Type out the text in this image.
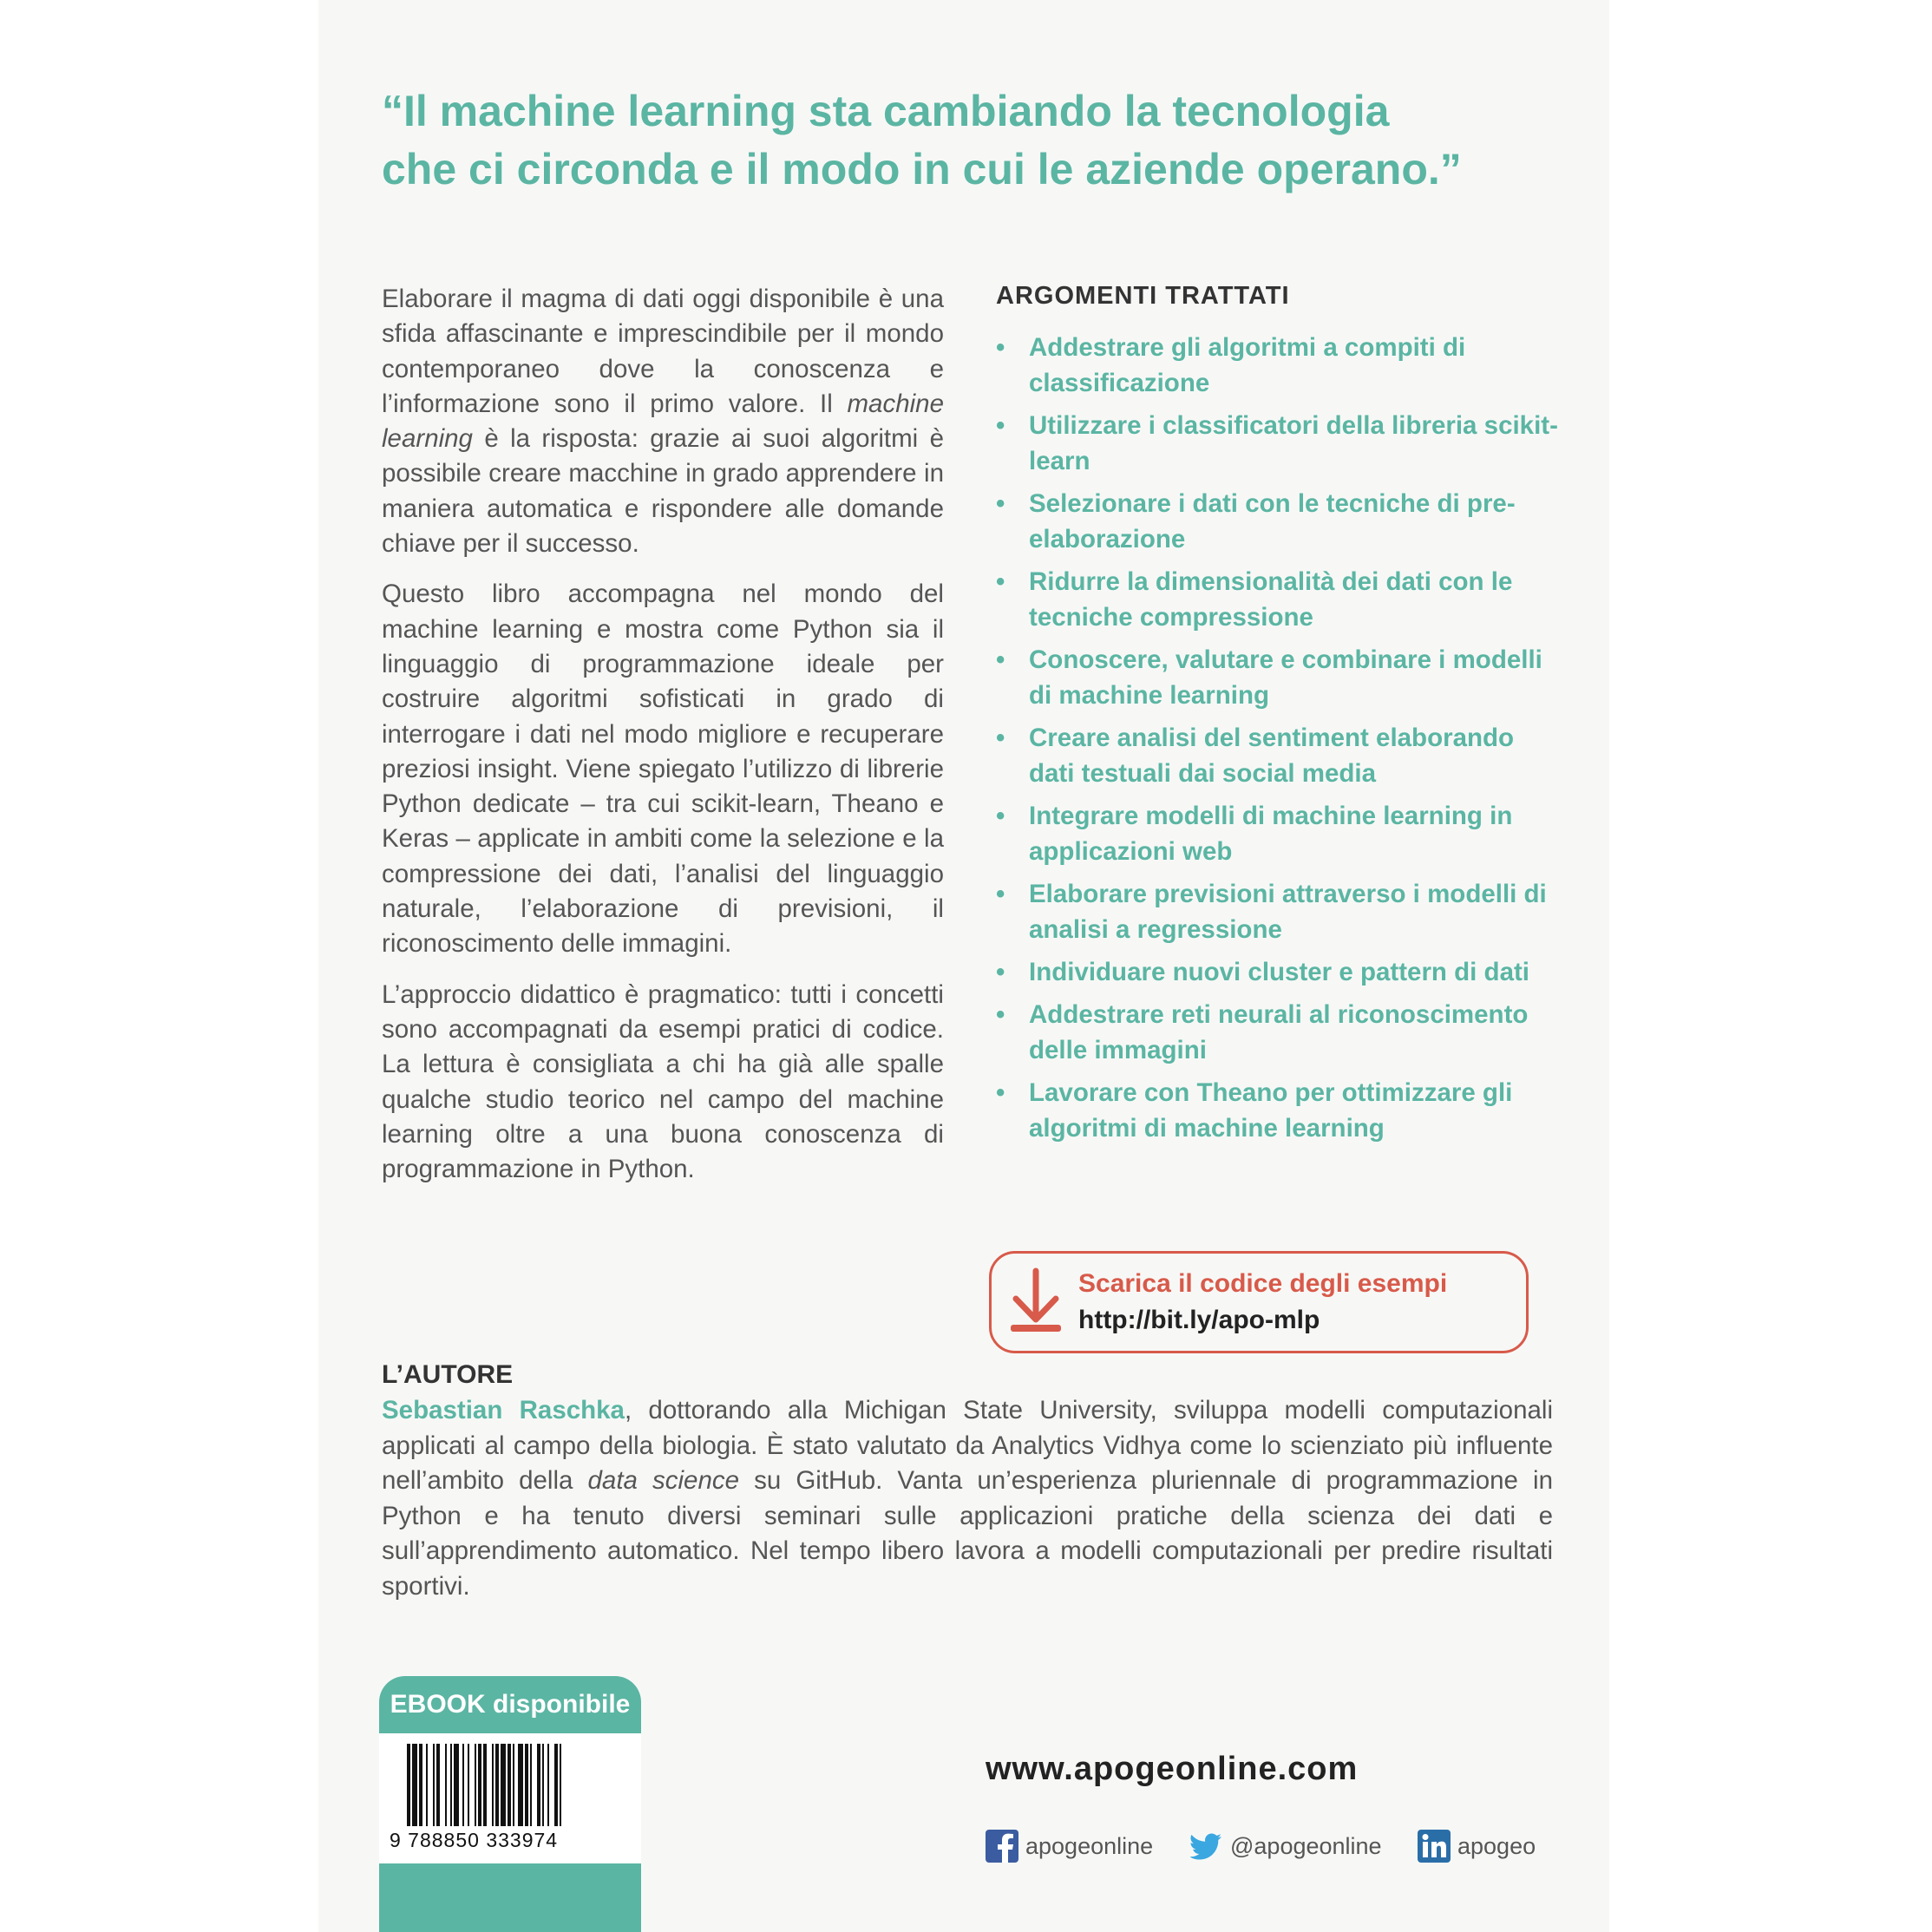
“Il machine learning sta cambiando la tecnologia
che ci circonda e il modo in cui le aziende operano.”

Elaborare il magma di dati oggi disponibile è una sfida affascinante e imprescindibile per il mondo contemporaneo dove la conoscenza e l’informazione sono il primo valore. Il machine learning è la risposta: grazie ai suoi algoritmi è possibile creare macchine in grado apprendere in maniera automatica e rispondere alle domande chiave per il successo.

Questo libro accompagna nel mondo del machine learning e mostra come Python sia il linguaggio di programmazione ideale per costruire algoritmi sofisticati in grado di interrogare i dati nel modo migliore e recuperare preziosi insight. Viene spiegato l’utilizzo di librerie Python dedicate – tra cui scikit-learn, Theano e Keras – applicate in ambiti come la selezione e la compressione dei dati, l’analisi del linguaggio naturale, l’elaborazione di previsioni, il riconoscimento delle immagini.

L’approccio didattico è pragmatico: tutti i concetti sono accompagnati da esempi pratici di codice. La lettura è consigliata a chi ha già alle spalle qualche studio teorico nel campo del machine learning oltre a una buona conoscenza di programmazione in Python.

ARGOMENTI TRATTATI
• Addestrare gli algoritmi a compiti di classificazione
• Utilizzare i classificatori della libreria scikit-learn
• Selezionare i dati con le tecniche di pre-elaborazione
• Ridurre la dimensionalità dei dati con le tecniche compressione
• Conoscere, valutare e combinare i modelli di machine learning
• Creare analisi del sentiment elaborando dati testuali dai social media
• Integrare modelli di machine learning in applicazioni web
• Elaborare previsioni attraverso i modelli di analisi a regressione
• Individuare nuovi cluster e pattern di dati
• Addestrare reti neurali al riconoscimento delle immagini
• Lavorare con Theano per ottimizzare gli algoritmi di machine learning
Scarica il codice degli esempi
http://bit.ly/apo-mlp
L’AUTORE

Sebastian Raschka, dottorando alla Michigan State University, sviluppa modelli computazionali applicati al campo della biologia. È stato valutato da Analytics Vidhya come lo scienziato più influente nell’ambito della data science su GitHub. Vanta un’esperienza pluriennale di programmazione in Python e ha tenuto diversi seminari sulle applicazioni pratiche della scienza dei dati e sull’apprendimento automatico. Nel tempo libero lavora a modelli computazionali per predire risultati sportivi.

EBOOK disponibile
9 788850 333974
www.apogeonline.com
apogeonline	@apogeonline	apogeo
